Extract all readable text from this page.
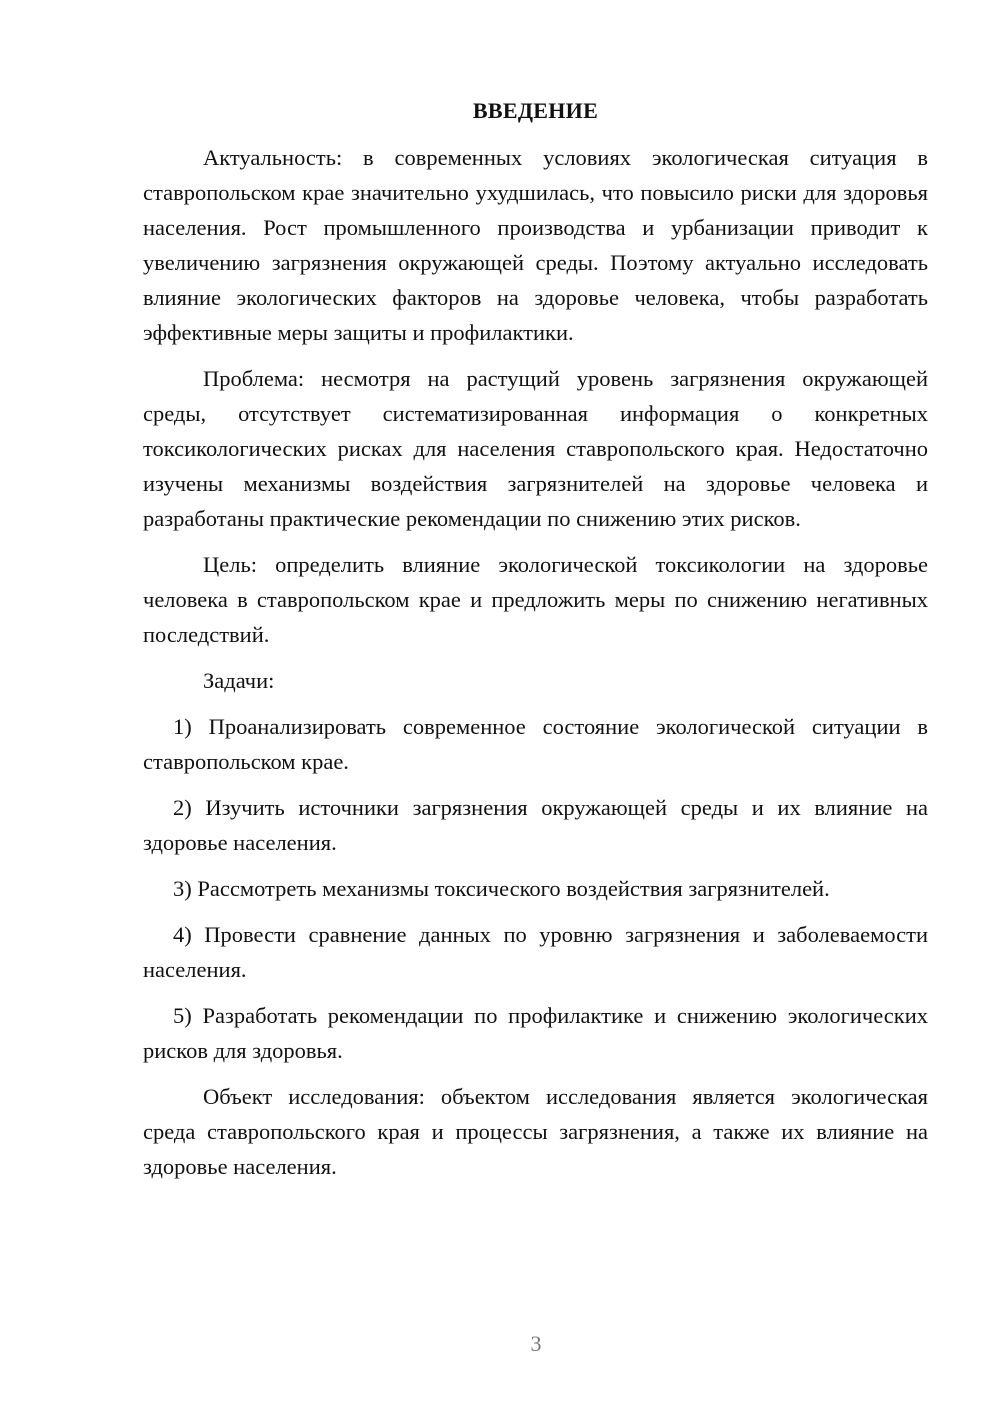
ВВЕДЕНИЕ

Актуальность: в современных условиях экологическая ситуация в ставропольском крае значительно ухудшилась, что повысило риски для здоровья населения. Рост промышленного производства и урбанизации приводит к увеличению загрязнения окружающей среды. Поэтому актуально исследовать влияние экологических факторов на здоровье человека, чтобы разработать эффективные меры защиты и профилактики.

Проблема: несмотря на растущий уровень загрязнения окружающей среды, отсутствует систематизированная информация о конкретных токсикологических рисках для населения ставропольского края. Недостаточно изучены механизмы воздействия загрязнителей на здоровье человека и разработаны практические рекомендации по снижению этих рисков.

Цель: определить влияние экологической токсикологии на здоровье человека в ставропольском крае и предложить меры по снижению негативных последствий.

Задачи:

1) Проанализировать современное состояние экологической ситуации в ставропольском крае.

2) Изучить источники загрязнения окружающей среды и их влияние на здоровье населения.

3) Рассмотреть механизмы токсического воздействия загрязнителей.

4) Провести сравнение данных по уровню загрязнения и заболеваемости населения.

5) Разработать рекомендации по профилактике и снижению экологических рисков для здоровья.

Объект исследования: объектом исследования является экологическая среда ставропольского края и процессы загрязнения, а также их влияние на здоровье населения.

3
